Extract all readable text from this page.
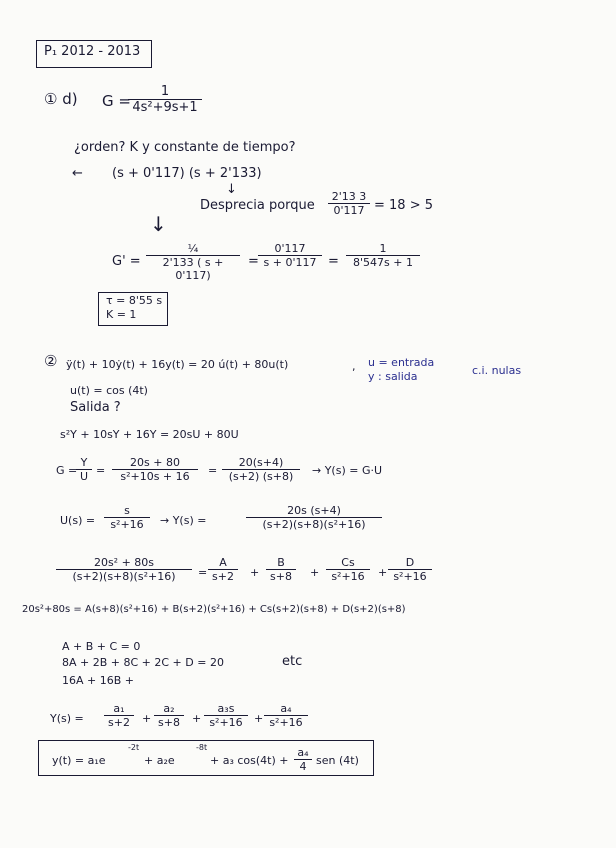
P₁ 2012 - 2013
① d) G =
$\frac{1}{\text{4s²+9s+1}}$
¿orden? K y constante de tiempo?
← (s + 0'117) (s + 2'133)
↓
Desprecia porque $\frac{2'13 3}{0'117} = 18 > 5$
↓
G' =
¼
2'133 ( s + 0'117)
= $\frac{0'117}{s + 0'117} = \frac{1}{8'547s + 1}$
τ = 8'55 s
K = 1
② ÿ(t) + 10ẏ(t) + 16y(t) = 20 ú(t) + 80u(t)	, u = entrada
y : salida	c.i. nulas
u(t) = cos (4t)
Salida ?
s²Y + 10sY + 16Y = 20sU + 80U
G =
$\frac{Y}{U} = \frac{20s + 80}{\text{s²+10s + 16}} = \frac{20(s+4)}{(s+2) (s+8)} \to Y(s) = G\cdot U$
$U(s) = \frac{s}{\text{s²+16}} \to Y(s)$ =	$\frac{20s (s+4)}{\text{(s+2)(s+8)(s²+16)}}$
$\frac{\text{20s² + 80s}}{\text{(s+2)(s+8)(s²+16)}} = \frac{A}{s+2} + \frac{B}{s+8} + \frac{Cs}{\text{s²+16}} + \frac{D}{\text{s²+16}}$
20s²+80s = A(s+8)(s²+16) + B(s+2)(s²+16) + Cs(s+2)(s+8) + D(s+2)(s+8)
A + B + C = 0
8A + 2B + 8C + 2C + D = 20	etc
16A + 16B +
$Y(s) = \frac{\text{a₁}}{s+2} + \frac{\text{a₂}}{s+8} + \frac{\text{a₃s}}{\text{s²+16}} + \frac{\text{a₄}}{\text{s²+16}}$
y(t) = a₁e
-2t
+ a₂e
-8t
+ a₃ $\cos(4t) + \frac{\text{a₄}}{4}$ sen (4t)
